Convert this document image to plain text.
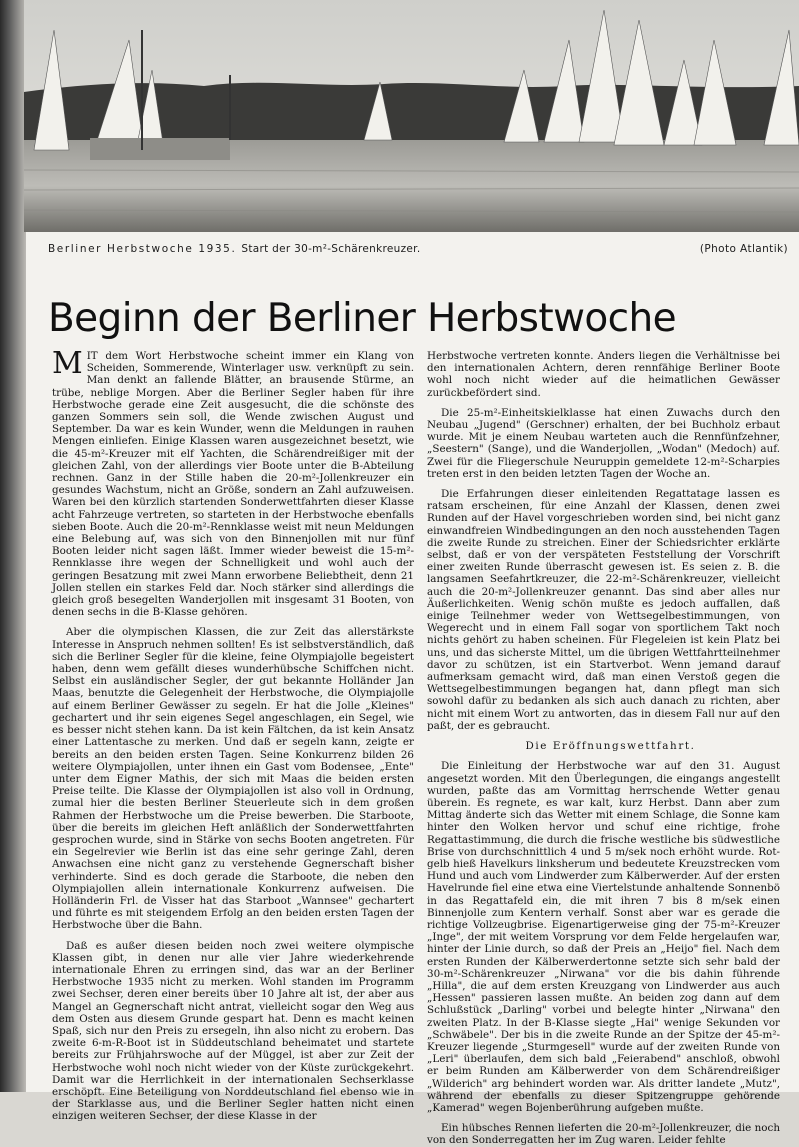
Berliner Herbstwoche 1935. Start der 30-m²-Schärenkreuzer.	(Photo Atlantik)
Beginn der Berliner Herbstwoche

MIT dem Wort Herbstwoche scheint immer ein Klang von Scheiden, Sommerende, Winterlager usw. verknüpft zu sein. Man denkt an fallende Blätter, an brausende Stürme, an trübe, neblige Morgen. Aber die Berliner Segler haben für ihre Herbstwoche gerade eine Zeit ausgesucht, die die schönste des ganzen Sommers sein soll, die Wende zwischen August und September. Da war es kein Wunder, wenn die Meldungen in rauhen Mengen einliefen. Einige Klassen waren ausgezeichnet besetzt, wie die 45-m²-Kreuzer mit elf Yachten, die Schärendreißiger mit der gleichen Zahl, von der allerdings vier Boote unter die B-Abteilung rechnen. Ganz in der Stille haben die 20-m²-Jollenkreuzer ein gesundes Wachstum, nicht an Größe, sondern an Zahl aufzuweisen. Waren bei den kürzlich startenden Sonderwettfahrten dieser Klasse acht Fahrzeuge vertreten, so starteten in der Herbstwoche ebenfalls sieben Boote. Auch die 20-m²-Rennklasse weist mit neun Meldungen eine Belebung auf, was sich von den Binnenjollen mit nur fünf Booten leider nicht sagen läßt. Immer wieder beweist die 15-m²-Rennklasse ihre wegen der Schnelligkeit und wohl auch der geringen Besatzung mit zwei Mann erworbene Beliebtheit, denn 21 Jollen stellen ein starkes Feld dar. Noch stärker sind allerdings die gleich groß besegelten Wanderjollen mit insgesamt 31 Booten, von denen sechs in die B-Klasse gehören.

Aber die olympischen Klassen, die zur Zeit das allerstärkste Interesse in Anspruch nehmen sollten! Es ist selbstverständlich, daß sich die Berliner Segler für die kleine, feine Olympiajolle begeistert haben, denn wem gefällt dieses wunderhübsche Schiffchen nicht. Selbst ein ausländischer Segler, der gut bekannte Holländer Jan Maas, benutzte die Gelegenheit der Herbstwoche, die Olympiajolle auf einem Berliner Gewässer zu segeln. Er hat die Jolle „Kleines" gechartert und ihr sein eigenes Segel angeschlagen, ein Segel, wie es besser nicht stehen kann. Da ist kein Fältchen, da ist kein Ansatz einer Lattentasche zu merken. Und daß er segeln kann, zeigte er bereits an den beiden ersten Tagen. Seine Konkurrenz bilden 26 weitere Olympiajollen, unter ihnen ein Gast vom Bodensee, „Ente" unter dem Eigner Mathis, der sich mit Maas die beiden ersten Preise teilte. Die Klasse der Olympiajollen ist also voll in Ordnung, zumal hier die besten Berliner Steuerleute sich in dem großen Rahmen der Herbstwoche um die Preise bewerben. Die Starboote, über die bereits im gleichen Heft anläßlich der Sonderwettfahrten gesprochen wurde, sind in Stärke von sechs Booten angetreten. Für ein Segelrevier wie Berlin ist das eine sehr geringe Zahl, deren Anwachsen eine nicht ganz zu verstehende Gegnerschaft bisher verhinderte. Sind es doch gerade die Starboote, die neben den Olympiajollen allein internationale Konkurrenz aufweisen. Die Holländerin Frl. de Visser hat das Starboot „Wannsee" gechartert und führte es mit steigendem Erfolg an den beiden ersten Tagen der Herbstwoche über die Bahn.

Daß es außer diesen beiden noch zwei weitere olympische Klassen gibt, in denen nur alle vier Jahre wiederkehrende internationale Ehren zu erringen sind, das war an der Berliner Herbstwoche 1935 nicht zu merken. Wohl standen im Programm zwei Sechser, deren einer bereits über 10 Jahre alt ist, der aber aus Mangel an Gegnerschaft nicht antrat, vielleicht sogar den Weg aus dem Osten aus diesem Grunde gespart hat. Denn es macht keinen Spaß, sich nur den Preis zu ersegeln, ihn also nicht zu erobern. Das zweite 6-m-R-Boot ist in Süddeutschland beheimatet und startete bereits zur Frühjahrswoche auf der Müggel, ist aber zur Zeit der Herbstwoche wohl noch nicht wieder von der Küste zurückgekehrt. Damit war die Herrlichkeit in der internationalen Sechserklasse erschöpft. Eine Beteiligung von Norddeutschland fiel ebenso wie in der Starklasse aus, und die Berliner Segler hatten nicht einen einzigen weiteren Sechser, der diese Klasse in der

Herbstwoche vertreten konnte. Anders liegen die Verhältnisse bei den internationalen Achtern, deren rennfähige Berliner Boote wohl noch nicht wieder auf die heimatlichen Gewässer zurückbefördert sind.

Die 25-m²-Einheitskielklasse hat einen Zuwachs durch den Neubau „Jugend" (Gerschner) erhalten, der bei Buchholz erbaut wurde. Mit je einem Neubau warteten auch die Rennfünfzehner, „Seestern" (Sange), und die Wanderjollen, „Wodan" (Medoch) auf. Zwei für die Fliegerschule Neuruppin gemeldete 12-m²-Scharpies treten erst in den beiden letzten Tagen der Woche an.

Die Erfahrungen dieser einleitenden Regattatage lassen es ratsam erscheinen, für eine Anzahl der Klassen, denen zwei Runden auf der Havel vorgeschrieben worden sind, bei nicht ganz einwandfreien Windbedingungen an den noch ausstehenden Tagen die zweite Runde zu streichen. Einer der Schiedsrichter erklärte selbst, daß er von der verspäteten Feststellung der Vorschrift einer zweiten Runde überrascht gewesen ist. Es seien z. B. die langsamen Seefahrtkreuzer, die 22-m²-Schärenkreuzer, vielleicht auch die 20-m²-Jollenkreuzer genannt. Das sind aber alles nur Äußerlichkeiten. Wenig schön mußte es jedoch auffallen, daß einige Teilnehmer weder von Wettsegelbestimmungen, von Wegerecht und in einem Fall sogar von sportlichem Takt noch nichts gehört zu haben scheinen. Für Flegeleien ist kein Platz bei uns, und das sicherste Mittel, um die übrigen Wettfahrtteilnehmer davor zu schützen, ist ein Startverbot. Wenn jemand darauf aufmerksam gemacht wird, daß man einen Verstoß gegen die Wettsegelbestimmungen begangen hat, dann pflegt man sich sowohl dafür zu bedanken als sich auch danach zu richten, aber nicht mit einem Wort zu antworten, das in diesem Fall nur auf den paßt, der es gebraucht.

Die Eröffnungswettfahrt.

Die Einleitung der Herbstwoche war auf den 31. August angesetzt worden. Mit den Überlegungen, die eingangs angestellt wurden, paßte das am Vormittag herrschende Wetter genau überein. Es regnete, es war kalt, kurz Herbst. Dann aber zum Mittag änderte sich das Wetter mit einem Schlage, die Sonne kam hinter den Wolken hervor und schuf eine richtige, frohe Regattastimmung, die durch die frische westliche bis südwestliche Brise von durchschnittlich 4 und 5 m/sek noch erhöht wurde. Rot-gelb hieß Havelkurs linksherum und bedeutete Kreuzstrecken vom Hund und auch vom Lindwerder zum Kälberwerder. Auf der ersten Havelrunde fiel eine etwa eine Viertelstunde anhaltende Sonnenbö in das Regattafeld ein, die mit ihren 7 bis 8 m/sek einen Binnenjolle zum Kentern verhalf. Sonst aber war es gerade die richtige Vollzeugbrise. Eigenartigerweise ging der 75-m²-Kreuzer „Inge", der mit weitem Vorsprung vor dem Felde hergelaufen war, hinter der Linie durch, so daß der Preis an „Heijo" fiel. Nach dem ersten Runden der Kälberwerdertonne setzte sich sehr bald der 30-m²-Schärenkreuzer „Nirwana" vor die bis dahin führende „Hilla", die auf dem ersten Kreuzgang von Lindwerder aus auch „Hessen" passieren lassen mußte. An beiden zog dann auf dem Schlußstück „Darling" vorbei und belegte hinter „Nirwana" den zweiten Platz. In der B-Klasse siegte „Hai" wenige Sekunden vor „Schwäbele". Der bis in die zweite Runde an der Spitze der 45-m²-Kreuzer liegende „Sturmgesell" wurde auf der zweiten Runde von „Leri" überlaufen, dem sich bald „Feierabend" anschloß, obwohl er beim Runden am Kälberwerder von dem Schärendreißiger „Wilderich" arg behindert worden war. Als dritter landete „Mutz", während der ebenfalls zu dieser Spitzengruppe gehörende „Kamerad" wegen Bojenberührung aufgeben mußte.

Ein hübsches Rennen lieferten die 20-m²-Jollenkreuzer, die noch von den Sonderregatten her im Zug waren. Leider fehlte
